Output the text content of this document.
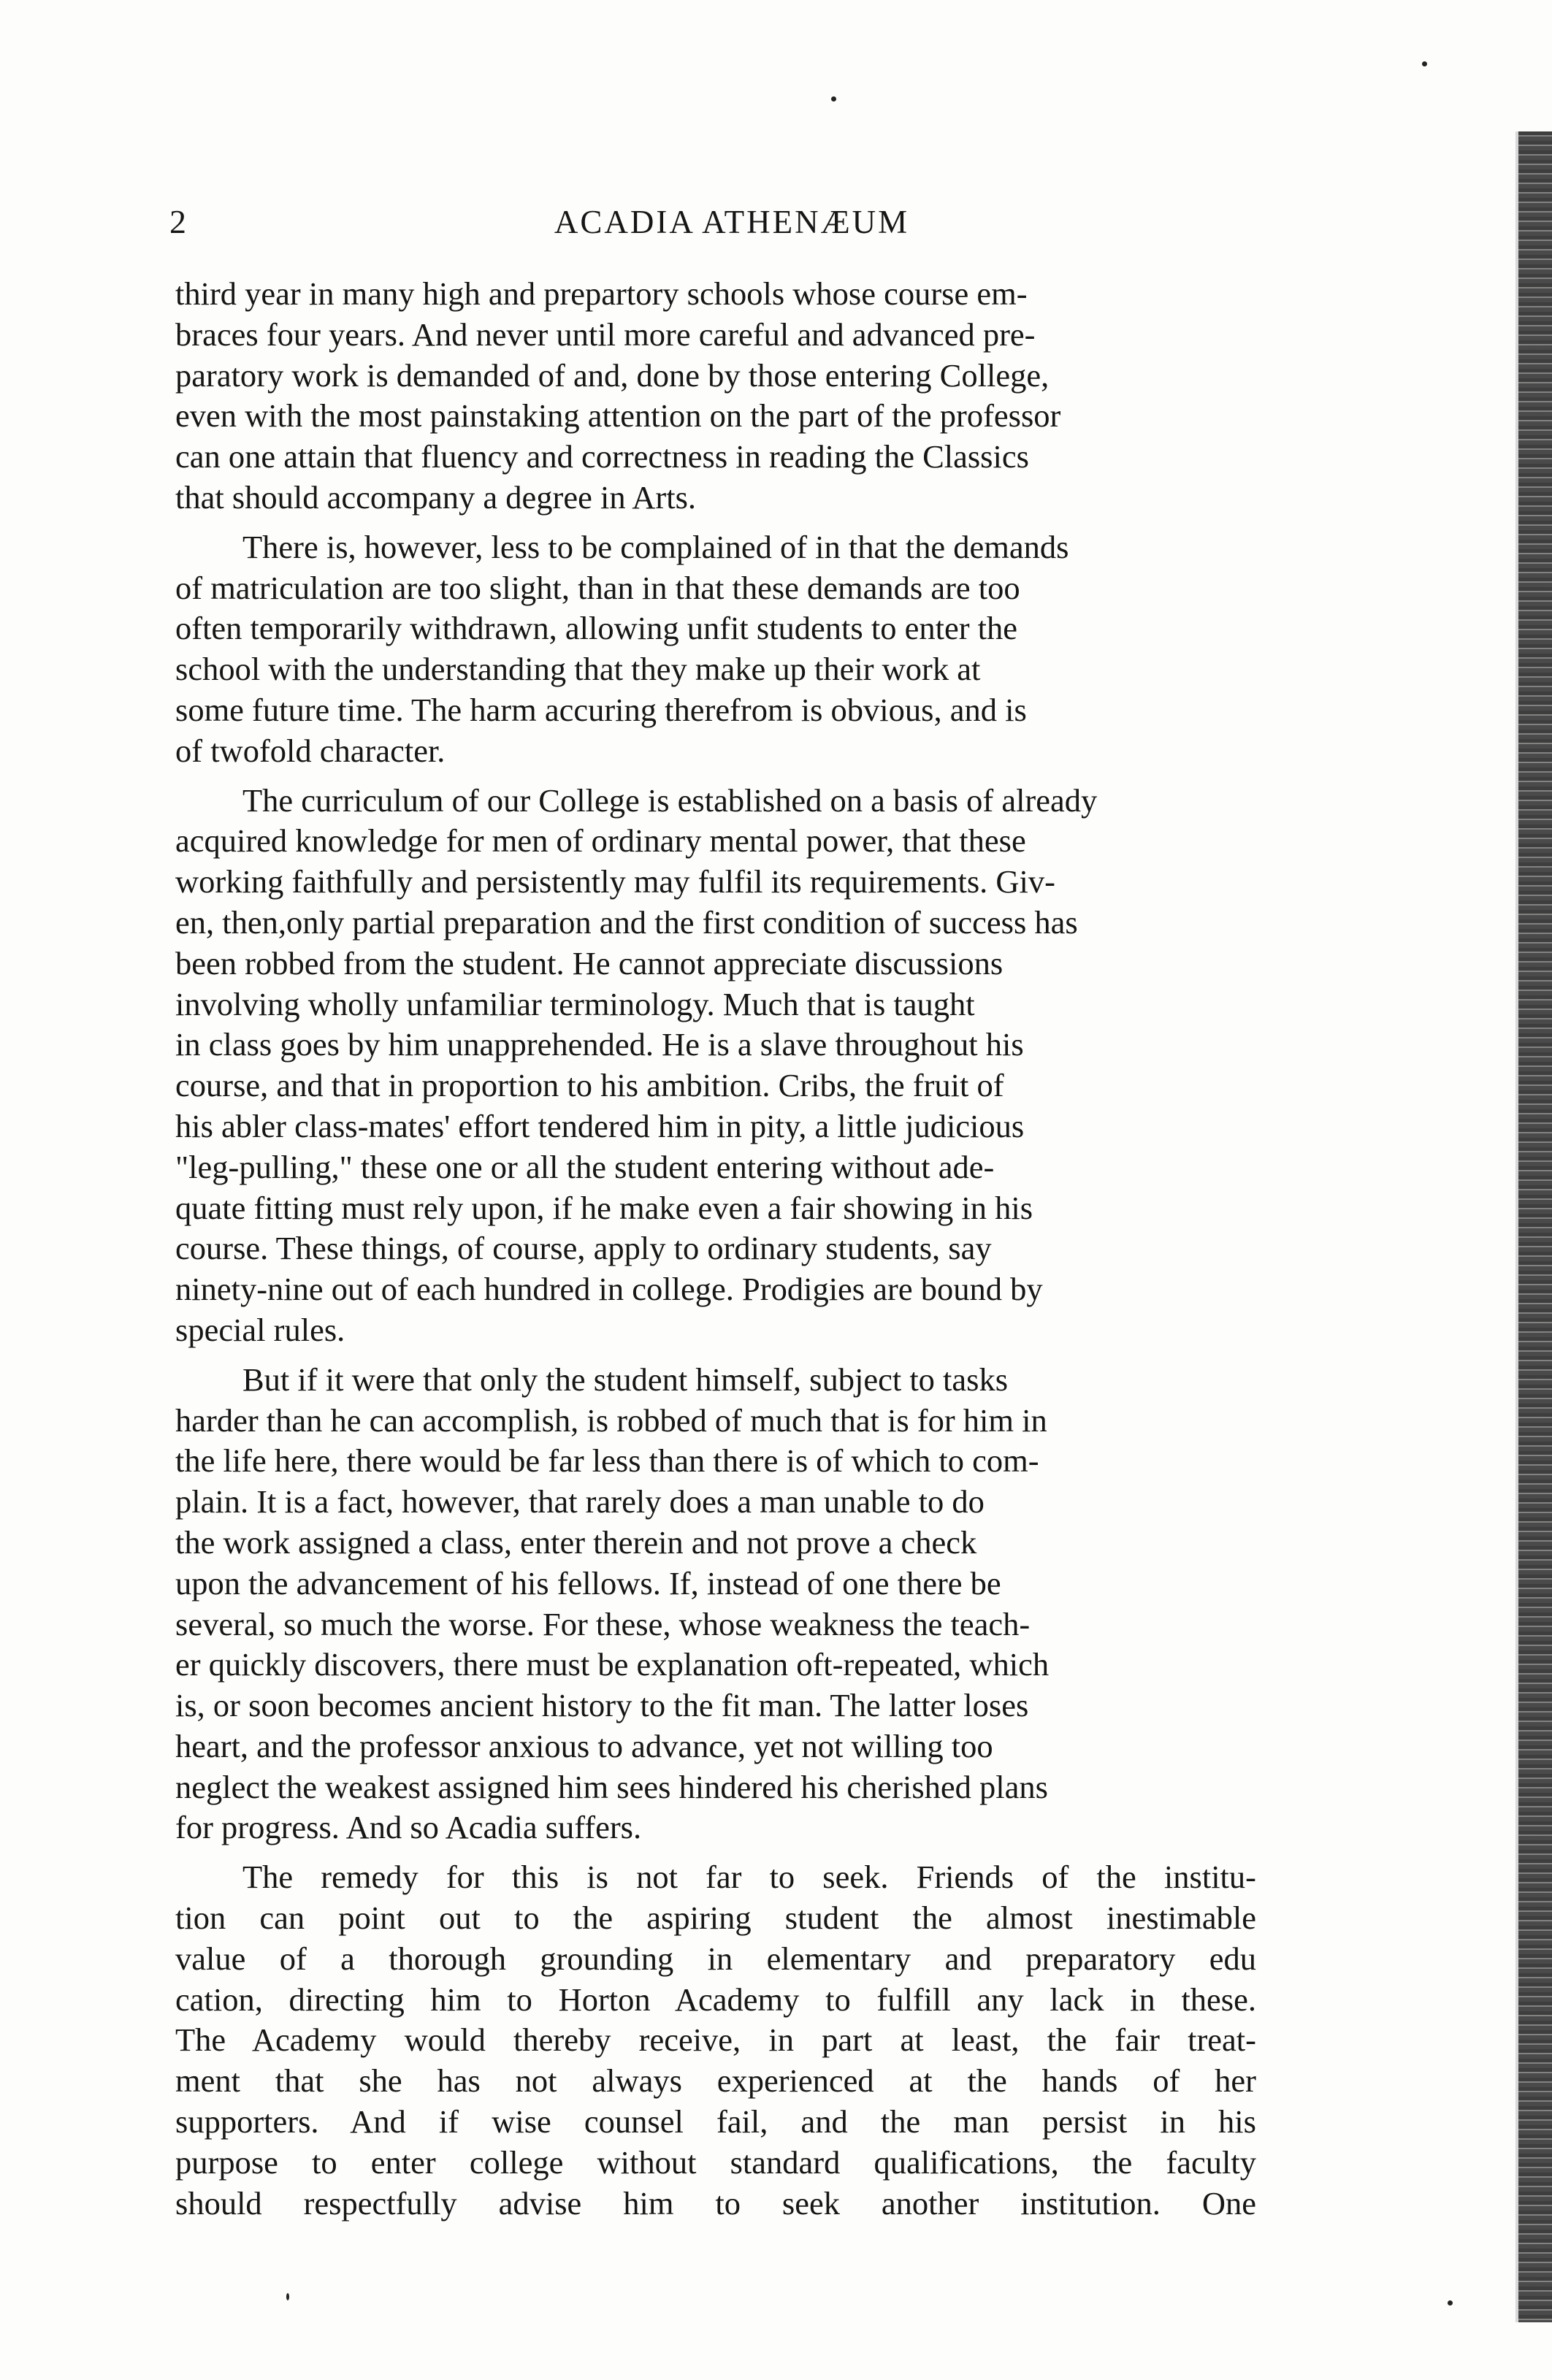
2	ACADIA ATHENÆUM

third year in many high and prepartory schools whose course em-
braces four years. And never until more careful and advanced pre-
paratory work is demanded of and, done by those entering College,
even with the most painstaking attention on the part of the professor
can one attain that fluency and correctness in reading the Classics
that should accompany a degree in Arts.

There is, however, less to be complained of in that the demands
of matriculation are too slight, than in that these demands are too
often temporarily withdrawn, allowing unfit students to enter the
school with the understanding that they make up their work at
some future time. The harm accuring therefrom is obvious, and is
of twofold character.

The curriculum of our College is established on a basis of already
acquired knowledge for men of ordinary mental power, that these
working faithfully and persistently may fulfil its requirements. Giv-
en, then,only partial preparation and the first condition of success has
been robbed from the student. He cannot appreciate discussions
involving wholly unfamiliar terminology. Much that is taught
in class goes by him unapprehended. He is a slave throughout his
course, and that in proportion to his ambition. Cribs, the fruit of
his abler class-mates' effort tendered him in pity, a little judicious
"leg-pulling," these one or all the student entering without ade-
quate fitting must rely upon, if he make even a fair showing in his
course. These things, of course, apply to ordinary students, say
ninety-nine out of each hundred in college. Prodigies are bound by
special rules.

But if it were that only the student himself, subject to tasks
harder than he can accomplish, is robbed of much that is for him in
the life here, there would be far less than there is of which to com-
plain. It is a fact, however, that rarely does a man unable to do
the work assigned a class, enter therein and not prove a check
upon the advancement of his fellows. If, instead of one there be
several, so much the worse. For these, whose weakness the teach-
er quickly discovers, there must be explanation oft-repeated, which
is, or soon becomes ancient history to the fit man. The latter loses
heart, and the professor anxious to advance, yet not willing too
neglect the weakest assigned him sees hindered his cherished plans
for progress. And so Acadia suffers.

The remedy for this is not far to seek. Friends of the institu-
tion can point out to the aspiring student the almost inestimable
value of a thorough grounding in elementary and preparatory edu
cation, directing him to Horton Academy to fulfill any lack in these.
The Academy would thereby receive, in part at least, the fair treat-
ment that she has not always experienced at the hands of her
supporters. And if wise counsel fail, and the man persist in his
purpose to enter college without standard qualifications, the faculty
should respectfully advise him to seek another institution. One
